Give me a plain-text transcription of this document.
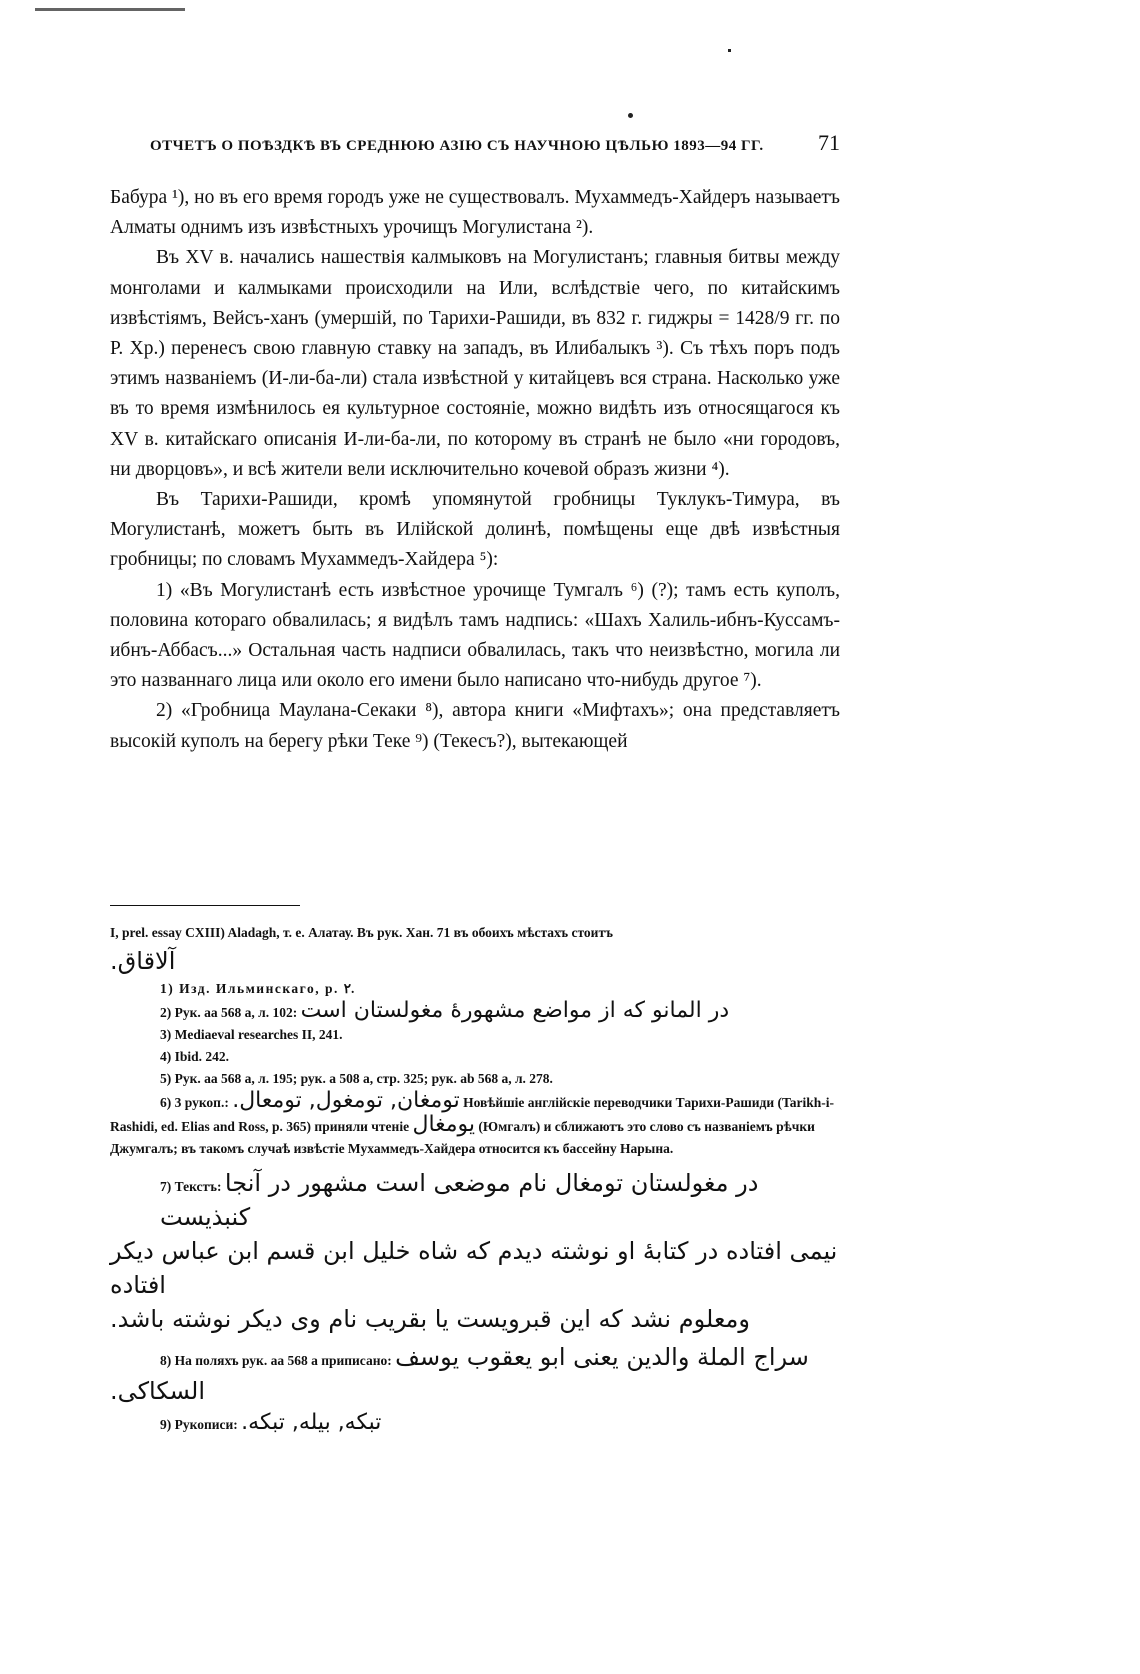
ОТЧЕТЪ О ПОѢЗДКѢ ВЪ СРЕДНЮЮ АЗІЮ СЪ НАУЧНОЮ ЦѢЛЬЮ 1893—94 ГГ. 71

Бабура ¹), но въ его время городъ уже не существовалъ. Мухаммедъ-Хайдеръ называетъ Алматы однимъ изъ извѣстныхъ урочищъ Могулистана ²).

Въ XV в. начались нашествія калмыковъ на Могулистанъ; главныя битвы между монголами и калмыками происходили на Или, вслѣдствіе чего, по китайскимъ извѣстіямъ, Вейсъ-ханъ (умершій, по Тарихи-Рашиди, въ 832 г. гиджры = 1428/9 гг. по Р. Хр.) перенесъ свою главную ставку на западъ, въ Илибалыкъ ³). Съ тѣхъ поръ подъ этимъ названіемъ (И-ли-ба-ли) стала извѣстной у китайцевъ вся страна. Насколько уже въ то время измѣнилось ея культурное состояніе, можно видѣть изъ относящагося къ XV в. китайскаго описанія И-ли-ба-ли, по которому въ странѣ не было «ни городовъ, ни дворцовъ», и всѣ жители вели исключительно кочевой образъ жизни ⁴).

Въ Тарихи-Рашиди, кромѣ упомянутой гробницы Туклукъ-Тимура, въ Могулистанѣ, можетъ быть въ Илійской долинѣ, помѣщены еще двѣ извѣстныя гробницы; по словамъ Мухаммедъ-Хайдера ⁵):

1) «Въ Могулистанѣ есть извѣстное урочище Тумгалъ ⁶) (?); тамъ есть куполъ, половина котораго обвалилась; я видѣлъ тамъ надпись: «Шахъ Халиль-ибнъ-Куссамъ-ибнъ-Аббасъ...» Остальная часть надписи обвалилась, такъ что неизвѣстно, могила ли это названнаго лица или около его имени было написано что-нибудь другое ⁷).

2) «Гробница Маулана-Секаки ⁸), автора книги «Мифтахъ»; она представляетъ высокій куполъ на берегу рѣки Теке ⁹) (Текесъ?), вытекающей

I, prel. essay CXIII) Aladagh, т. е. Алатау. Въ рук. Хан. 71 въ обоихъ мѣстахъ стоитъ

آلاقاق.

1) Изд. Ильминскаго, р. ٢.

2) Рук. aa 568 a, л. 102: در المانو که از مواضع مشهورهٔ مغولستان است

3) Mediaeval researches II, 241.

4) Ibid. 242.

5) Рук. aa 568 a, л. 195; рук. a 508 a, стр. 325; рук. ab 568 a, л. 278.

6) 3 рукоп.: تومغان, تومغول, تومعال. Новѣйшіе англійскіе переводчики Тарихи-Рашиди (Tarikh-i-Rashidi, ed. Elias and Ross, p. 365) приняли чтеніе يومغال (Юмгалъ) и сближаютъ это слово съ названіемъ рѣчки Джумгалъ; въ такомъ случаѣ извѣстіе Мухаммедъ-Хайдера относится къ бассейну Нарына.

7) Текстъ: در مغولستان تومغال نام موضعی است مشهور در آنجا کنبذیست

نیمی افتاده در کتابهٔ او نوشته دیدم که شاه خلیل ابن قسم ابن عباس دیکر افتاده

ومعلوم نشد که این قبرویست یا بقریب نام وی دیکر نوشته باشد.

8) На поляхъ рук. aa 568 a приписано: سراج الملة والدين يعنى ابو يعقوب يوسف

السكاكى.

9) Рукописи: تبكه, بيله, تبكه.
